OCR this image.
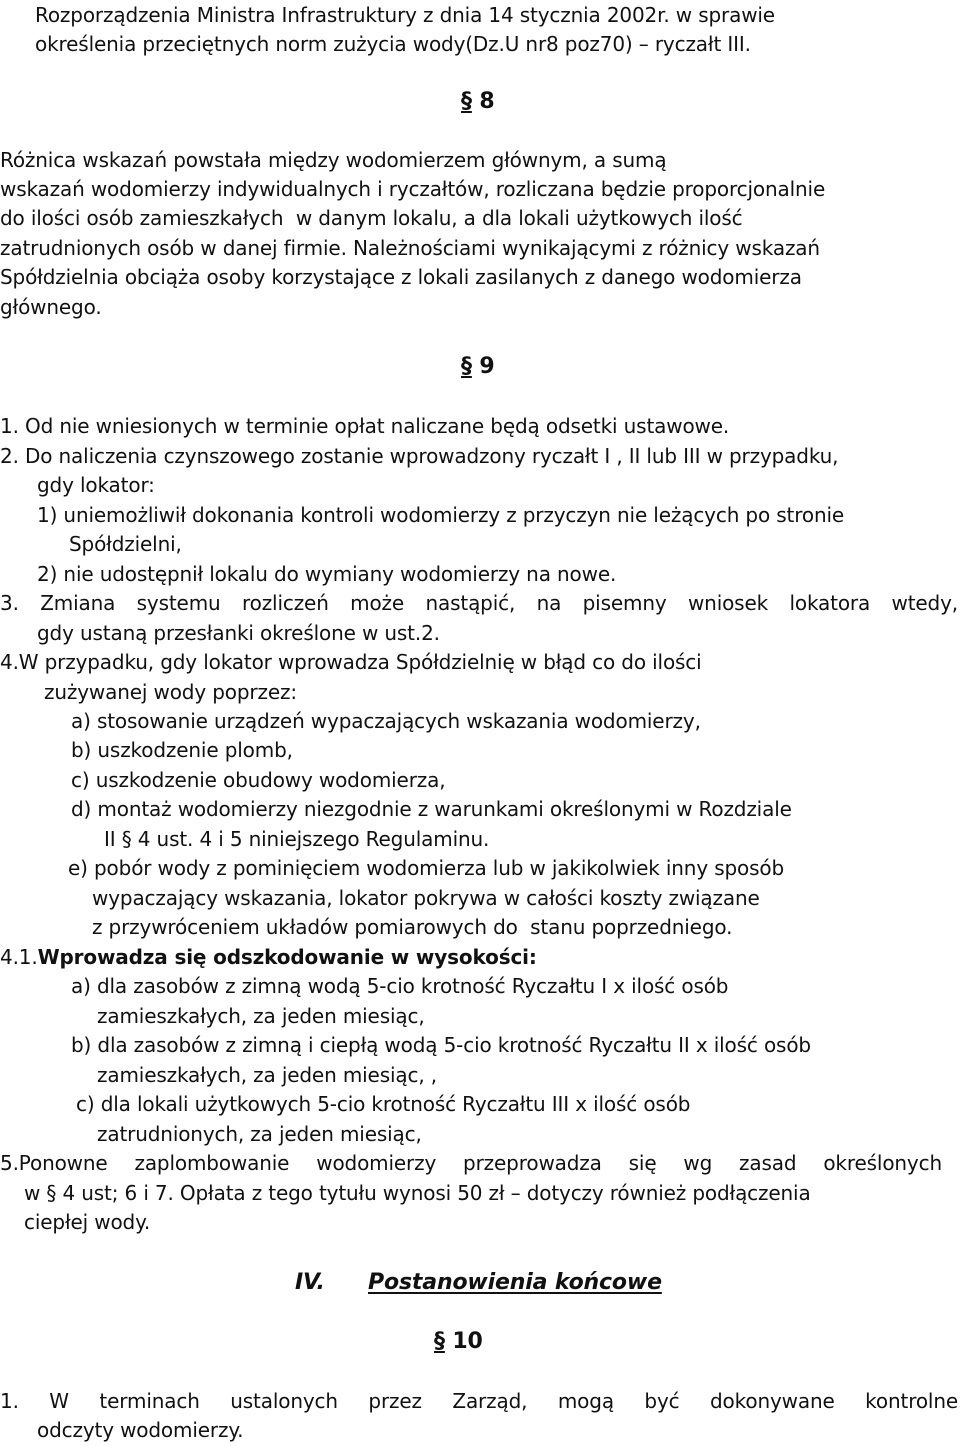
Rozporządzenia Ministra Infrastruktury z dnia 14 stycznia 2002r. w sprawie
określenia przeciętnych norm zużycia wody(Dz.U nr8 poz70) – ryczałt III.
§ 8
Różnica wskazań powstała między wodomierzem głównym, a sumą
wskazań wodomierzy indywidualnych i ryczałtów, rozliczana będzie proporcjonalnie
do ilości osób zamieszkałych  w danym lokalu, a dla lokali użytkowych ilość
zatrudnionych osób w danej firmie. Należnościami wynikającymi z różnicy wskazań
Spółdzielnia obciąża osoby korzystające z lokali zasilanych z danego wodomierza
głównego.
§ 9
1. Od nie wniesionych w terminie opłat naliczane będą odsetki ustawowe.
2. Do naliczenia czynszowego zostanie wprowadzony ryczałt I , II lub III w przypadku,
gdy lokator:
1) uniemożliwił dokonania kontroli wodomierzy z przyczyn nie leżących po stronie
Spółdzielni,
2) nie udostępnił lokalu do wymiany wodomierzy na nowe.
3. Zmiana systemu rozliczeń może nastąpić, na pisemny wniosek lokatora wtedy,
gdy ustaną przesłanki określone w ust.2.
4.W przypadku, gdy lokator wprowadza Spółdzielnię w błąd co do ilości
zużywanej wody poprzez:
a) stosowanie urządzeń wypaczających wskazania wodomierzy,
b) uszkodzenie plomb,
c) uszkodzenie obudowy wodomierza,
d) montaż wodomierzy niezgodnie z warunkami określonymi w Rozdziale
II § 4 ust. 4 i 5 niniejszego Regulaminu.
e) pobór wody z pominięciem wodomierza lub w jakikolwiek inny sposób
wypaczający wskazania, lokator pokrywa w całości koszty związane
z przywróceniem układów pomiarowych do  stanu poprzedniego.
4.1.Wprowadza się odszkodowanie w wysokości:
a) dla zasobów z zimną wodą 5-cio krotność Ryczałtu I x ilość osób
zamieszkałych, za jeden miesiąc,
b) dla zasobów z zimną i ciepłą wodą 5-cio krotność Ryczałtu II x ilość osób
zamieszkałych, za jeden miesiąc, ,
c) dla lokali użytkowych 5-cio krotność Ryczałtu III x ilość osób
zatrudnionych, za jeden miesiąc,
5.Ponowne zaplombowanie wodomierzy przeprowadza się wg zasad określonych
w § 4 ust; 6 i 7. Opłata z tego tytułu wynosi 50 zł – dotyczy również podłączenia
ciepłej wody.
IV. Postanowienia końcowe
§ 10
1. W terminach ustalonych przez Zarząd, mogą być dokonywane kontrolne
odczyty wodomierzy.
